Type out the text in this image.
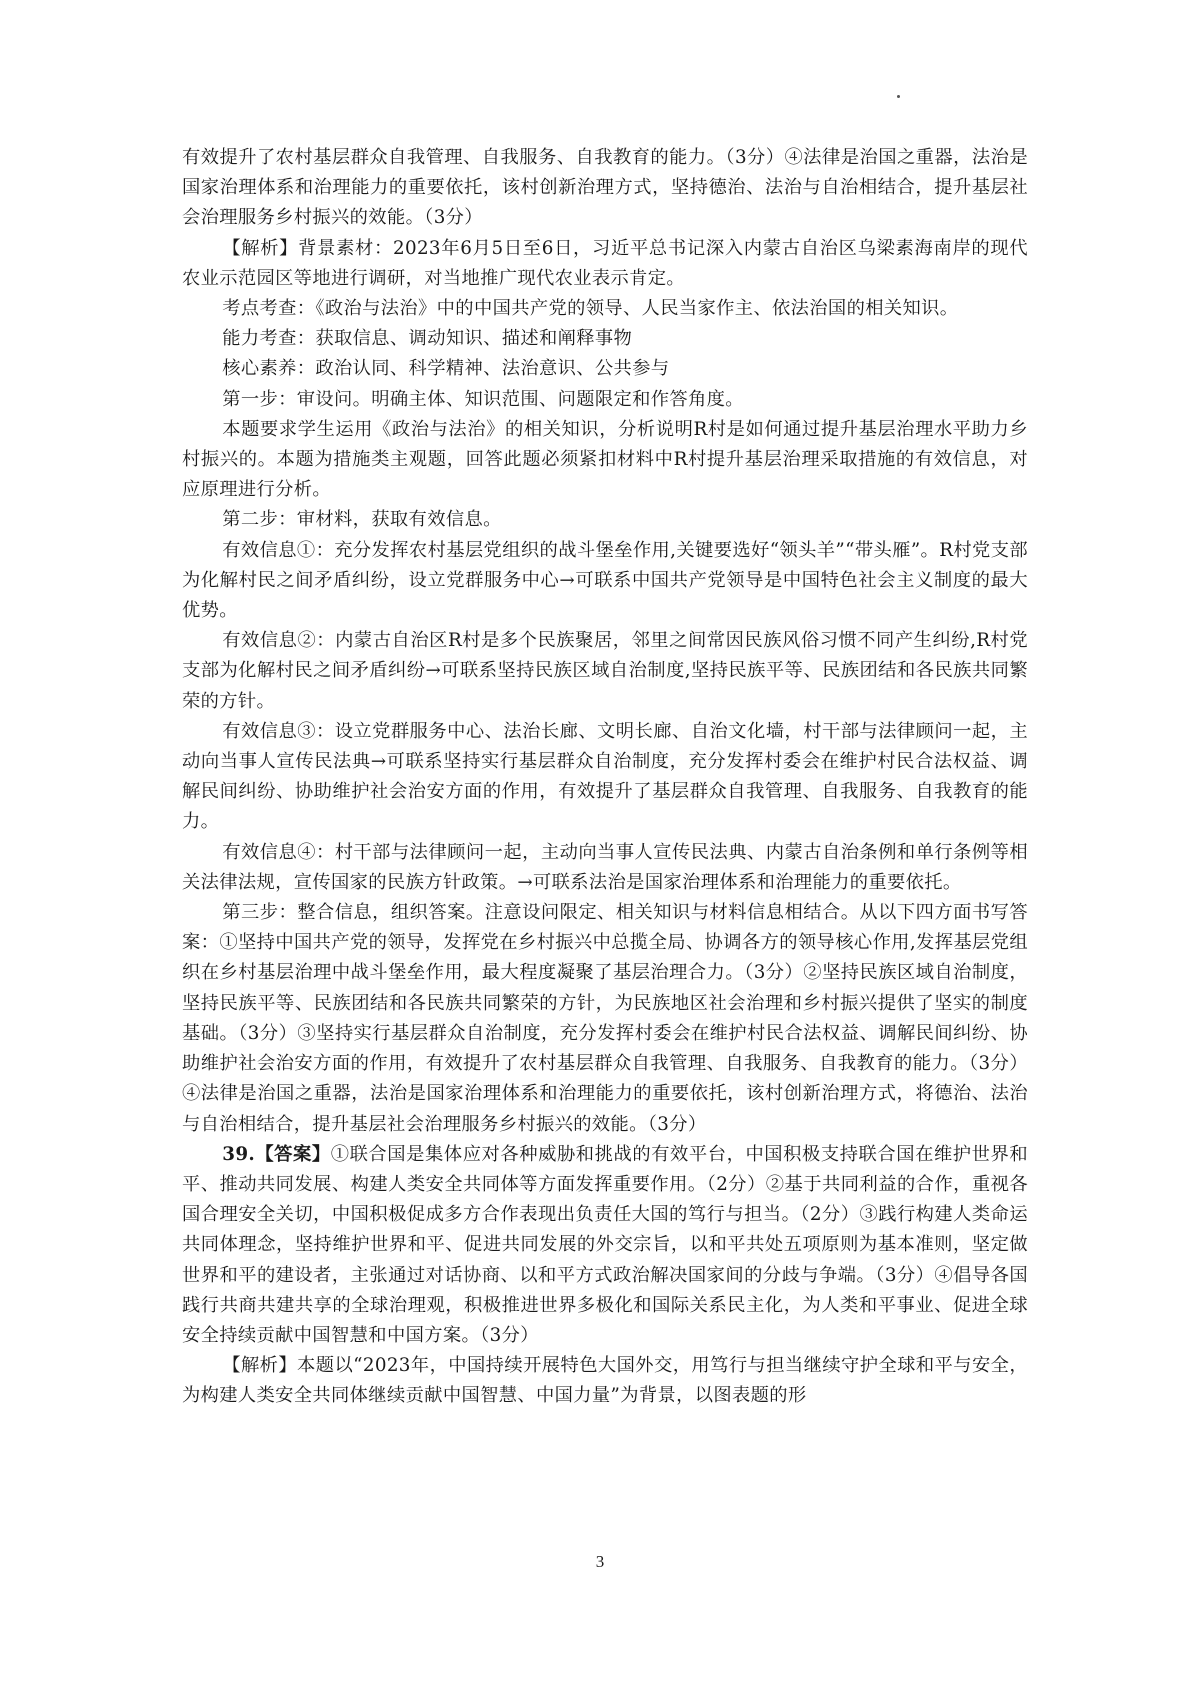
有效提升了农村基层群众自我管理、自我服务、自我教育的能力。（3分）④法律是治国之重器，法治是国家治理体系和治理能力的重要依托，该村创新治理方式，坚持德治、法治与自治相结合，提升基层社会治理服务乡村振兴的效能。（3分）

【解析】背景素材：2023年6月5日至6日，习近平总书记深入内蒙古自治区乌梁素海南岸的现代农业示范园区等地进行调研，对当地推广现代农业表示肯定。

考点考查：《政治与法治》中的中国共产党的领导、人民当家作主、依法治国的相关知识。

能力考查：获取信息、调动知识、描述和阐释事物

核心素养：政治认同、科学精神、法治意识、公共参与

第一步：审设问。明确主体、知识范围、问题限定和作答角度。

本题要求学生运用《政治与法治》的相关知识，分析说明R村是如何通过提升基层治理水平助力乡村振兴的。本题为措施类主观题，回答此题必须紧扣材料中R村提升基层治理采取措施的有效信息，对应原理进行分析。

第二步：审材料，获取有效信息。

有效信息①：充分发挥农村基层党组织的战斗堡垒作用,关键要选好“领头羊”“带头雁”。R村党支部为化解村民之间矛盾纠纷，设立党群服务中心→可联系中国共产党领导是中国特色社会主义制度的最大优势。

有效信息②：内蒙古自治区R村是多个民族聚居，邻里之间常因民族风俗习惯不同产生纠纷,R村党支部为化解村民之间矛盾纠纷→可联系坚持民族区域自治制度,坚持民族平等、民族团结和各民族共同繁荣的方针。

有效信息③：设立党群服务中心、法治长廊、文明长廊、自治文化墙，村干部与法律顾问一起，主动向当事人宣传民法典→可联系坚持实行基层群众自治制度，充分发挥村委会在维护村民合法权益、调解民间纠纷、协助维护社会治安方面的作用，有效提升了基层群众自我管理、自我服务、自我教育的能力。

有效信息④：村干部与法律顾问一起，主动向当事人宣传民法典、内蒙古自治条例和单行条例等相关法律法规，宣传国家的民族方针政策。→可联系法治是国家治理体系和治理能力的重要依托。

第三步：整合信息，组织答案。注意设问限定、相关知识与材料信息相结合。从以下四方面书写答案：①坚持中国共产党的领导，发挥党在乡村振兴中总揽全局、协调各方的领导核心作用,发挥基层党组织在乡村基层治理中战斗堡垒作用，最大程度凝聚了基层治理合力。（3分）②坚持民族区域自治制度，坚持民族平等、民族团结和各民族共同繁荣的方针，为民族地区社会治理和乡村振兴提供了坚实的制度基础。（3分）③坚持实行基层群众自治制度，充分发挥村委会在维护村民合法权益、调解民间纠纷、协助维护社会治安方面的作用，有效提升了农村基层群众自我管理、自我服务、自我教育的能力。（3分）④法律是治国之重器，法治是国家治理体系和治理能力的重要依托，该村创新治理方式，将德治、法治与自治相结合，提升基层社会治理服务乡村振兴的效能。（3分）

39.【答案】①联合国是集体应对各种威胁和挑战的有效平台，中国积极支持联合国在维护世界和平、推动共同发展、构建人类安全共同体等方面发挥重要作用。（2分）②基于共同利益的合作，重视各国合理安全关切，中国积极促成多方合作表现出负责任大国的笃行与担当。（2分）③践行构建人类命运共同体理念，坚持维护世界和平、促进共同发展的外交宗旨，以和平共处五项原则为基本准则，坚定做世界和平的建设者，主张通过对话协商、以和平方式政治解决国家间的分歧与争端。（3分）④倡导各国践行共商共建共享的全球治理观，积极推进世界多极化和国际关系民主化，为人类和平事业、促进全球安全持续贡献中国智慧和中国方案。（3分）

【解析】本题以“2023年，中国持续开展特色大国外交，用笃行与担当继续守护全球和平与安全，为构建人类安全共同体继续贡献中国智慧、中国力量”为背景，以图表题的形

3
